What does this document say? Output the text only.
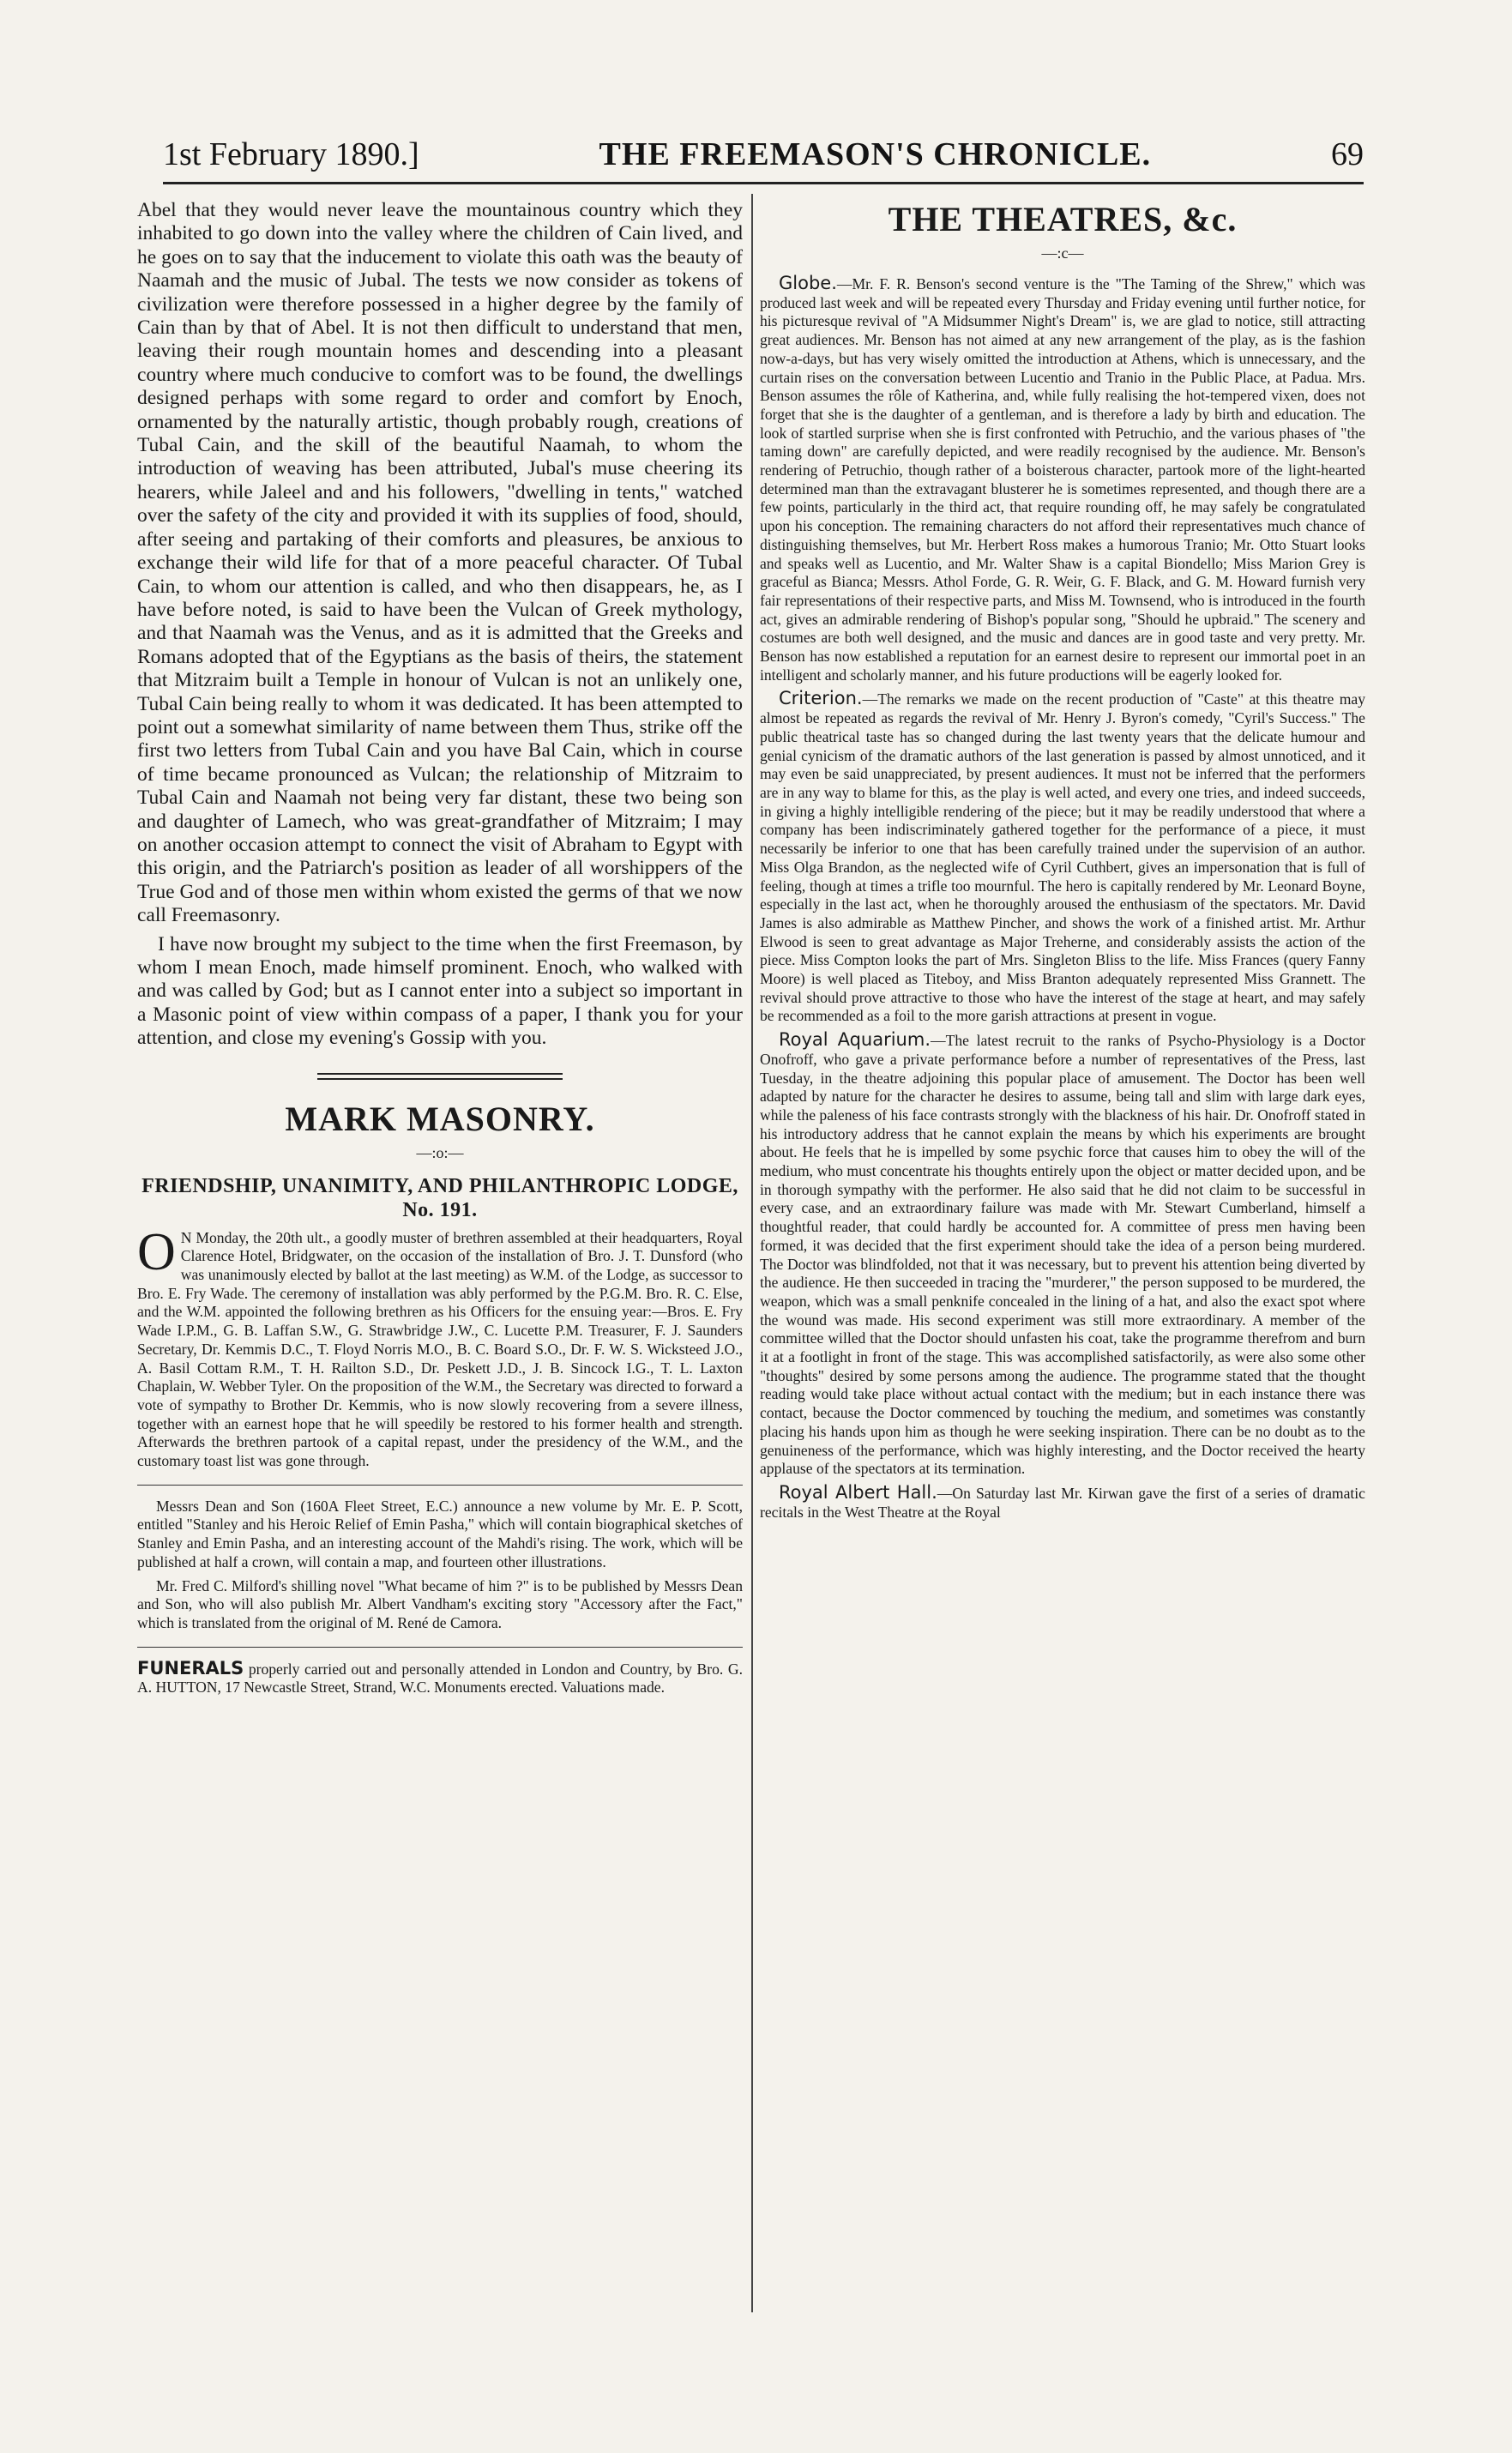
1st February 1890.]	THE FREEMASON'S CHRONICLE.	69

Abel that they would never leave the mountainous country which they inhabited to go down into the valley where the children of Cain lived, and he goes on to say that the inducement to violate this oath was the beauty of Naamah and the music of Jubal. The tests we now consider as tokens of civilization were therefore possessed in a higher degree by the family of Cain than by that of Abel. It is not then difficult to understand that men, leaving their rough mountain homes and descending into a pleasant country where much conducive to comfort was to be found, the dwellings designed perhaps with some regard to order and comfort by Enoch, ornamented by the naturally artistic, though probably rough, creations of Tubal Cain, and the skill of the beautiful Naamah, to whom the introduction of weaving has been attributed, Jubal's muse cheering its hearers, while Jaleel and and his followers, "dwelling in tents," watched over the safety of the city and provided it with its supplies of food, should, after seeing and partaking of their comforts and pleasures, be anxious to exchange their wild life for that of a more peaceful character. Of Tubal Cain, to whom our attention is called, and who then disappears, he, as I have before noted, is said to have been the Vulcan of Greek mythology, and that Naamah was the Venus, and as it is admitted that the Greeks and Romans adopted that of the Egyptians as the basis of theirs, the statement that Mitzraim built a Temple in honour of Vulcan is not an unlikely one, Tubal Cain being really to whom it was dedicated. It has been attempted to point out a somewhat similarity of name between them Thus, strike off the first two letters from Tubal Cain and you have Bal Cain, which in course of time became pronounced as Vulcan; the relationship of Mitzraim to Tubal Cain and Naamah not being very far distant, these two being son and daughter of Lamech, who was great-grandfather of Mitzraim; I may on another occasion attempt to connect the visit of Abraham to Egypt with this origin, and the Patriarch's position as leader of all worshippers of the True God and of those men within whom existed the germs of that we now call Freemasonry.

I have now brought my subject to the time when the first Freemason, by whom I mean Enoch, made himself prominent. Enoch, who walked with and was called by God; but as I cannot enter into a subject so important in a Masonic point of view within compass of a paper, I thank you for your attention, and close my evening's Gossip with you.

MARK MASONRY.
—:o:—
FRIENDSHIP, UNANIMITY, AND PHILANTHROPIC LODGE, No. 191.

O N Monday, the 20th ult., a goodly muster of brethren assembled at their headquarters, Royal Clarence Hotel, Bridgwater, on the occasion of the installation of Bro. J. T. Dunsford (who was unanimously elected by ballot at the last meeting) as W.M. of the Lodge, as successor to Bro. E. Fry Wade. The ceremony of installation was ably performed by the P.G.M. Bro. R. C. Else, and the W.M. appointed the following brethren as his Officers for the ensuing year:—Bros. E. Fry Wade I.P.M., G. B. Laffan S.W., G. Strawbridge J.W., C. Lucette P.M. Treasurer, F. J. Saunders Secretary, Dr. Kemmis D.C., T. Floyd Norris M.O., B. C. Board S.O., Dr. F. W. S. Wicksteed J.O., A. Basil Cottam R.M., T. H. Railton S.D., Dr. Peskett J.D., J. B. Sincock I.G., T. L. Laxton Chaplain, W. Webber Tyler. On the proposition of the W.M., the Secretary was directed to forward a vote of sympathy to Brother Dr. Kemmis, who is now slowly recovering from a severe illness, together with an earnest hope that he will speedily be restored to his former health and strength. Afterwards the brethren partook of a capital repast, under the presidency of the W.M., and the customary toast list was gone through.

Messrs Dean and Son (160A Fleet Street, E.C.) announce a new volume by Mr. E. P. Scott, entitled "Stanley and his Heroic Relief of Emin Pasha," which will contain biographical sketches of Stanley and Emin Pasha, and an interesting account of the Mahdi's rising. The work, which will be published at half a crown, will contain a map, and fourteen other illustrations.

Mr. Fred C. Milford's shilling novel "What became of him ?" is to be published by Messrs Dean and Son, who will also publish Mr. Albert Vandham's exciting story "Accessory after the Fact," which is translated from the original of M. René de Camora.

FUNERALS properly carried out and personally attended in London and Country, by Bro. G. A. HUTTON, 17 Newcastle Street, Strand, W.C. Monuments erected. Valuations made.

THE THEATRES, &c.
—:c—

Globe.—Mr. F. R. Benson's second venture is the "The Taming of the Shrew," which was produced last week and will be repeated every Thursday and Friday evening until further notice, for his picturesque revival of "A Midsummer Night's Dream" is, we are glad to notice, still attracting great audiences. Mr. Benson has not aimed at any new arrangement of the play, as is the fashion now-a-days, but has very wisely omitted the introduction at Athens, which is unnecessary, and the curtain rises on the conversation between Lucentio and Tranio in the Public Place, at Padua. Mrs. Benson assumes the rôle of Katherina, and, while fully realising the hot-tempered vixen, does not forget that she is the daughter of a gentleman, and is therefore a lady by birth and education. The look of startled surprise when she is first confronted with Petruchio, and the various phases of "the taming down" are carefully depicted, and were readily recognised by the audience. Mr. Benson's rendering of Petruchio, though rather of a boisterous character, partook more of the light-hearted determined man than the extravagant blusterer he is sometimes represented, and though there are a few points, particularly in the third act, that require rounding off, he may safely be congratulated upon his conception. The remaining characters do not afford their representatives much chance of distinguishing themselves, but Mr. Herbert Ross makes a humorous Tranio; Mr. Otto Stuart looks and speaks well as Lucentio, and Mr. Walter Shaw is a capital Biondello; Miss Marion Grey is graceful as Bianca; Messrs. Athol Forde, G. R. Weir, G. F. Black, and G. M. Howard furnish very fair representations of their respective parts, and Miss M. Townsend, who is introduced in the fourth act, gives an admirable rendering of Bishop's popular song, "Should he upbraid." The scenery and costumes are both well designed, and the music and dances are in good taste and very pretty. Mr. Benson has now established a reputation for an earnest desire to represent our immortal poet in an intelligent and scholarly manner, and his future productions will be eagerly looked for.

Criterion.—The remarks we made on the recent production of "Caste" at this theatre may almost be repeated as regards the revival of Mr. Henry J. Byron's comedy, "Cyril's Success." The public theatrical taste has so changed during the last twenty years that the delicate humour and genial cynicism of the dramatic authors of the last generation is passed by almost unnoticed, and it may even be said unappreciated, by present audiences. It must not be inferred that the performers are in any way to blame for this, as the play is well acted, and every one tries, and indeed succeeds, in giving a highly intelligible rendering of the piece; but it may be readily understood that where a company has been indiscriminately gathered together for the performance of a piece, it must necessarily be inferior to one that has been carefully trained under the supervision of an author. Miss Olga Brandon, as the neglected wife of Cyril Cuthbert, gives an impersonation that is full of feeling, though at times a trifle too mournful. The hero is capitally rendered by Mr. Leonard Boyne, especially in the last act, when he thoroughly aroused the enthusiasm of the spectators. Mr. David James is also admirable as Matthew Pincher, and shows the work of a finished artist. Mr. Arthur Elwood is seen to great advantage as Major Treherne, and considerably assists the action of the piece. Miss Compton looks the part of Mrs. Singleton Bliss to the life. Miss Frances (query Fanny Moore) is well placed as Titeboy, and Miss Branton adequately represented Miss Grannett. The revival should prove attractive to those who have the interest of the stage at heart, and may safely be recommended as a foil to the more garish attractions at present in vogue.

Royal Aquarium.—The latest recruit to the ranks of Psycho-Physiology is a Doctor Onofroff, who gave a private performance before a number of representatives of the Press, last Tuesday, in the theatre adjoining this popular place of amusement. The Doctor has been well adapted by nature for the character he desires to assume, being tall and slim with large dark eyes, while the paleness of his face contrasts strongly with the blackness of his hair. Dr. Onofroff stated in his introductory address that he cannot explain the means by which his experiments are brought about. He feels that he is impelled by some psychic force that causes him to obey the will of the medium, who must concentrate his thoughts entirely upon the object or matter decided upon, and be in thorough sympathy with the performer. He also said that he did not claim to be successful in every case, and an extraordinary failure was made with Mr. Stewart Cumberland, himself a thoughtful reader, that could hardly be accounted for. A committee of press men having been formed, it was decided that the first experiment should take the idea of a person being murdered. The Doctor was blindfolded, not that it was necessary, but to prevent his attention being diverted by the audience. He then succeeded in tracing the "murderer," the person supposed to be murdered, the weapon, which was a small penknife concealed in the lining of a hat, and also the exact spot where the wound was made. His second experiment was still more extraordinary. A member of the committee willed that the Doctor should unfasten his coat, take the programme therefrom and burn it at a footlight in front of the stage. This was accomplished satisfactorily, as were also some other "thoughts" desired by some persons among the audience. The programme stated that the thought reading would take place without actual contact with the medium; but in each instance there was contact, because the Doctor commenced by touching the medium, and sometimes was constantly placing his hands upon him as though he were seeking inspiration. There can be no doubt as to the genuineness of the performance, which was highly interesting, and the Doctor received the hearty applause of the spectators at its termination.

Royal Albert Hall.—On Saturday last Mr. Kirwan gave the first of a series of dramatic recitals in the West Theatre at the Royal
